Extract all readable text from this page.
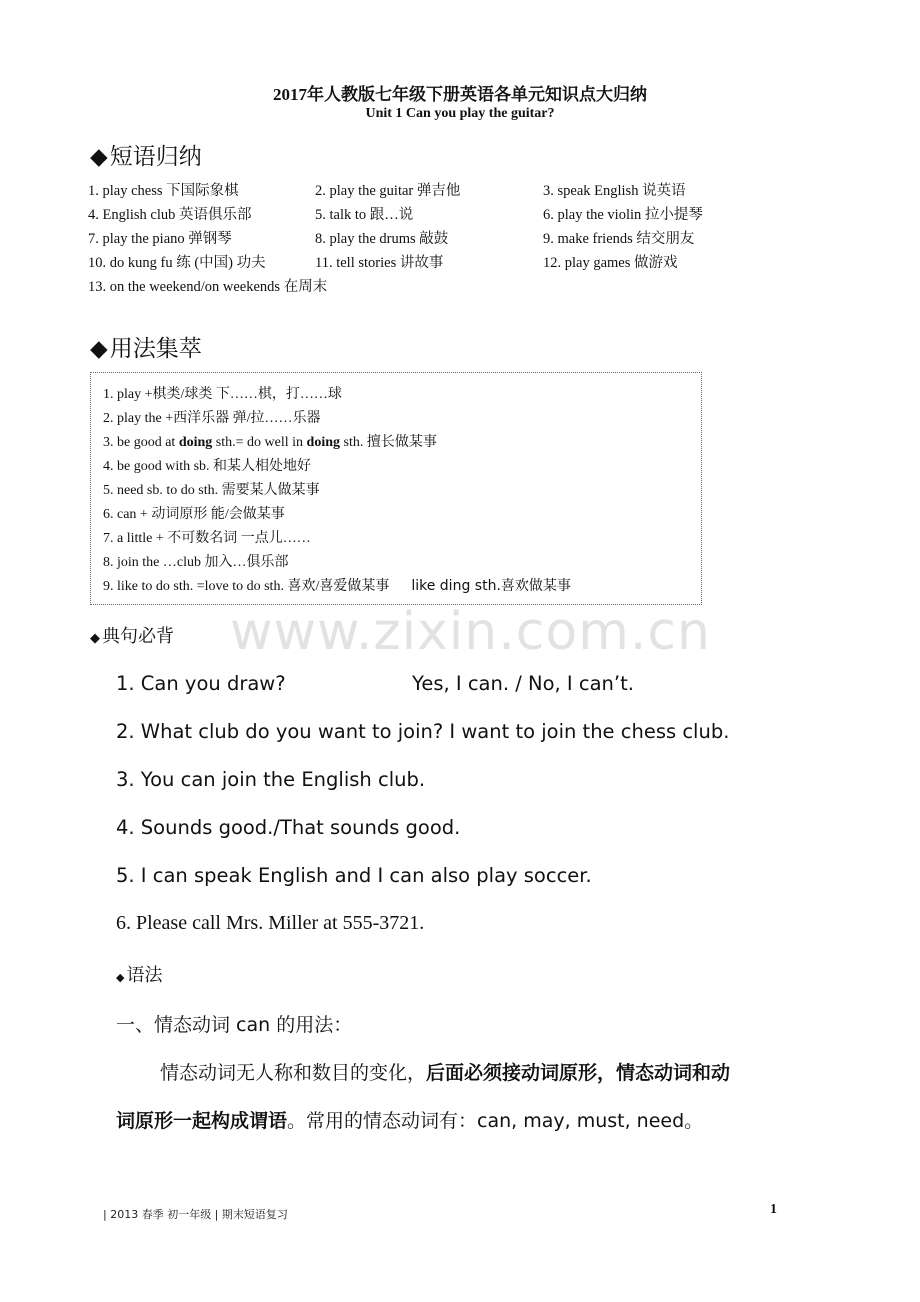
2017年人教版七年级下册英语各单元知识点大归纳
Unit 1 Can you play the guitar?
◆短语归纳
1. play chess 下国际象棋	2. play the guitar 弹吉他	3. speak English 说英语
4. English club 英语俱乐部	5. talk to 跟…说	6. play the violin 拉小提琴
7. play the piano 弹钢琴	8. play the drums 敲鼓	9. make friends 结交朋友
10. do kung fu 练 (中国) 功夫	11. tell stories 讲故事	12. play games 做游戏
13. on the weekend/on weekends 在周末
◆用法集萃
1. play +棋类/球类 下……棋，打……球
2. play the +西洋乐器 弹/拉……乐器
3. be good at doing sth.= do well in doing sth. 擅长做某事
4. be good with sb. 和某人相处地好
5. need sb. to do sth. 需要某人做某事
6. can + 动词原形 能/会做某事
7. a little + 不可数名词 一点儿……
8. join the …club 加入…俱乐部
9. like to do sth. =love to do sth. 喜欢/喜爱做某事 like ding sth.喜欢做某事
www.zixin.com.cn
◆ 典句必背
1. Can you draw?	Yes, I can. / No, I can’t.
2. What club do you want to join? I want to join the chess club.
3. You can join the English club.
4. Sounds good./That sounds good.
5. I can speak English and I can also play soccer.
6. Please call Mrs. Miller at 555-3721.
◆ 语法
一、情态动词 can 的用法：
情态动词无人称和数目的变化，后面必须接动词原形，情态动词和动
词原形一起构成谓语。常用的情态动词有：can, may, must, need。
| 2013 春季 初一年级 | 期末短语复习	1
